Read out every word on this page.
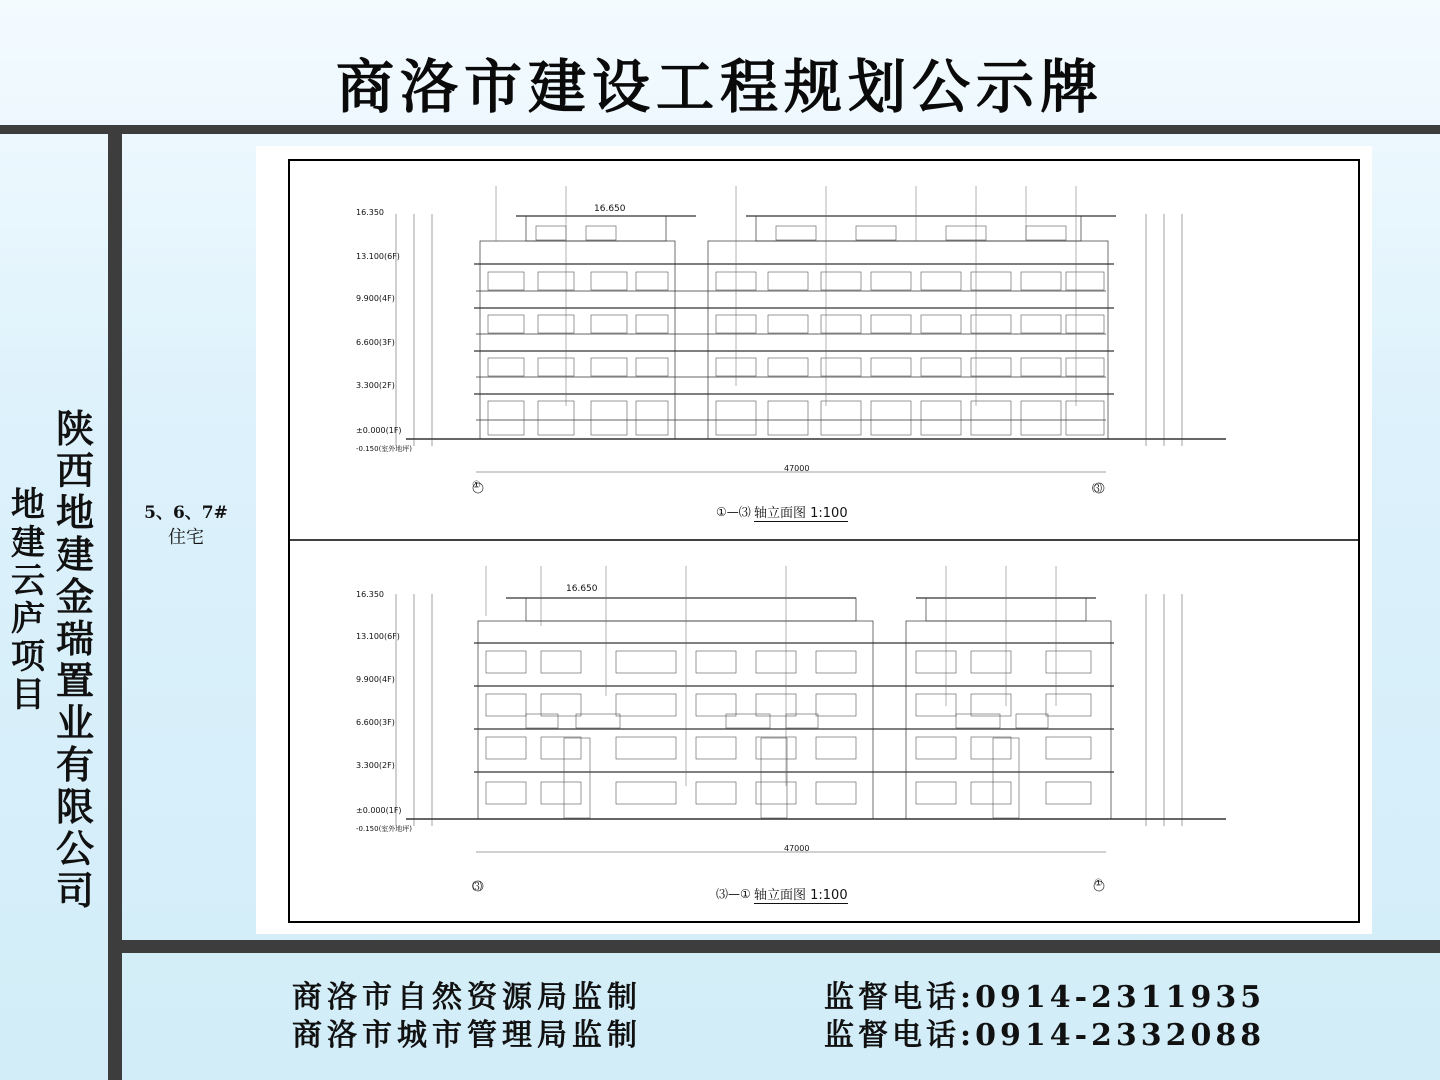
商洛市建设工程规划公示牌
陕西地建金瑞置业有限公司
地建云庐项目
5、6、7#
住宅
16.650
16.350
13.100(6F)
9.900(4F)
6.600(3F)
3.300(2F)
±0.000(1F)
-0.150(室外地坪)
47000
①	⑶
①—⑶ 轴立面图 1:100
16.650
16.350
13.100(6F)
9.900(4F)
6.600(3F)
3.300(2F)
±0.000(1F)
-0.150(室外地坪)
47000
⑶	①
⑶—① 轴立面图 1:100
商洛市自然资源局监制	监督电话:0914-2311935
商洛市城市管理局监制	监督电话:0914-2332088
